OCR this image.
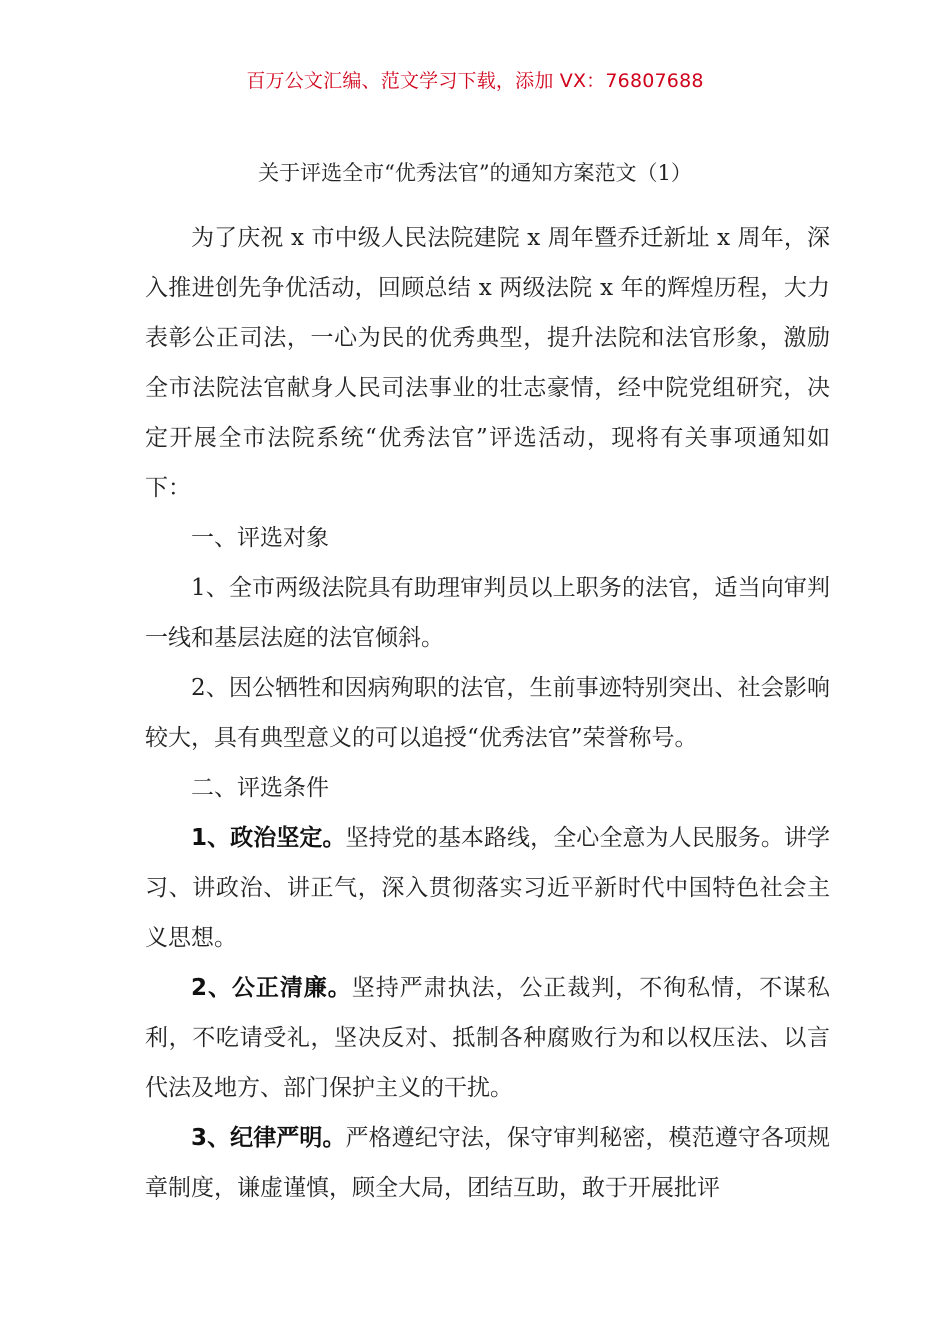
百万公文汇编、范文学习下载，添加 VX：76807688
关于评选全市“优秀法官”的通知方案范文（1）

为了庆祝 x 市中级人民法院建院 x 周年暨乔迁新址 x 周年，深入推进创先争优活动，回顾总结 x 两级法院 x 年的辉煌历程，大力表彰公正司法，一心为民的优秀典型，提升法院和法官形象，激励全市法院法官献身人民司法事业的壮志豪情，经中院党组研究，决定开展全市法院系统“优秀法官”评选活动，现将有关事项通知如下：

一、评选对象

1、全市两级法院具有助理审判员以上职务的法官，适当向审判一线和基层法庭的法官倾斜。

2、因公牺牲和因病殉职的法官，生前事迹特别突出、社会影响较大，具有典型意义的可以追授“优秀法官”荣誉称号。

二、评选条件

1、政治坚定。坚持党的基本路线，全心全意为人民服务。讲学习、讲政治、讲正气，深入贯彻落实习近平新时代中国特色社会主义思想。

2、公正清廉。坚持严肃执法，公正裁判，不徇私情，不谋私利，不吃请受礼，坚决反对、抵制各种腐败行为和以权压法、以言代法及地方、部门保护主义的干扰。

3、纪律严明。严格遵纪守法，保守审判秘密，模范遵守各项规章制度，谦虚谨慎，顾全大局，团结互助，敢于开展批评
